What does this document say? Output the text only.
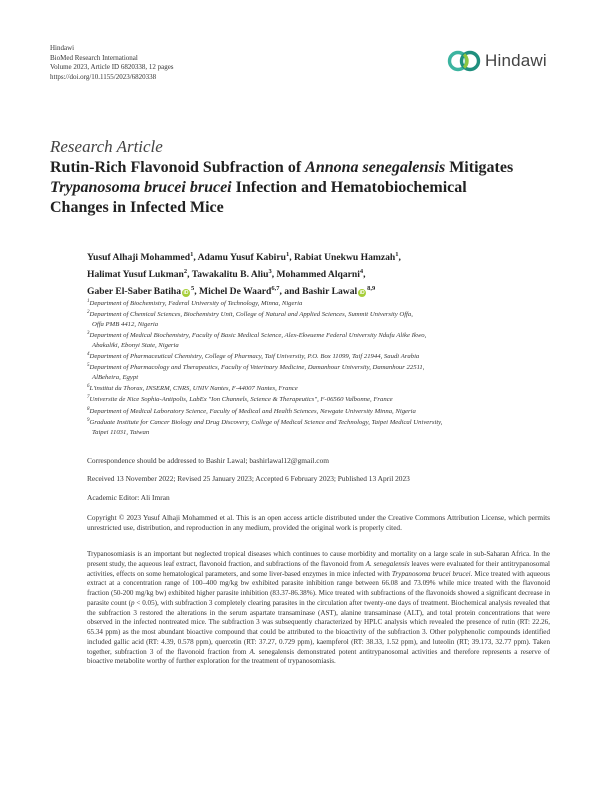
Hindawi
BioMed Research International
Volume 2023, Article ID 6820338, 12 pages
https://doi.org/10.1155/2023/6820338
Hindawi
Research Article
Rutin-Rich Flavonoid Subfraction of Annona senegalensis Mitigates Trypanosoma brucei brucei Infection and Hematobiochemical Changes in Infected Mice
Yusuf Alhaji Mohammed$^1$, Adamu Yusuf Kabiru$^1$, Rabiat Unekwu Hamzah$^1$,
Halimat Yusuf Lukman$^2$, Tawakalitu B. Aliu$^3$, Mohammed Alqarni$^4$,
Gaber El-Saber Batiha $iD^5$, Michel De Waard$^{6,7}$, and Bashir Lawal iD$^{8,9}$
$^1$Department of Biochemistry, Federal University of Technology, Minna, Nigeria
$^2$Department of Chemical Sciences, Biochemistry Unit, College of Natural and Applied Sciences, Summit University Offa,
Offa PMB 4412, Nigeria
$^3$Department of Medical Biochemistry, Faculty of Basic Medical Science, Alex-Ekwueme Federal University Ndufu Alike Ikwo,
Abakaliki, Ebonyi State, Nigeria
$^4$Department of Pharmaceutical Chemistry, College of Pharmacy, Taif University, P.O. Box 11099, Taif 21944, Saudi Arabia
$^5$Department of Pharmacology and Therapeutics, Faculty of Veterinary Medicine, Damanhour University, Damanhour 22511,
AlBeheira, Egypt
$^6$L'institut du Thorax, INSERM, CNRS, UNIV Nantes, F-44007 Nantes, France
$^7$Universite de Nice Sophia-Antipolis, LabEx "Ion Channels, Science & Therapeutics", F-06560 Valbonne, France
$^8$Department of Medical Laboratory Science, Faculty of Medical and Health Sciences, Newgate University Minna, Nigeria
$^9$Graduate Institute for Cancer Biology and Drug Discovery, College of Medical Science and Technology, Taipei Medical University,
Taipei 11031, Taiwan
Correspondence should be addressed to Bashir Lawal; bashirlawal12@gmail.com
Received 13 November 2022; Revised 25 January 2023; Accepted 6 February 2023; Published 13 April 2023
Academic Editor: Ali Imran
Copyright © 2023 Yusuf Alhaji Mohammed et al. This is an open access article distributed under the Creative Commons Attribution License, which permits unrestricted use, distribution, and reproduction in any medium, provided the original work is properly cited.
Trypanosomiasis is an important but neglected tropical diseases which continues to cause morbidity and mortality on a large scale in sub-Saharan Africa. In the present study, the aqueous leaf extract, flavonoid fraction, and subfractions of the flavonoid from A. senegalensis leaves were evaluated for their antitrypanosomal activities, effects on some hematological parameters, and some liver-based enzymes in mice infected with Trypanosoma brucei brucei. Mice treated with aqueous extract at a concentration range of 100–400 mg/kg bw exhibited parasite inhibition range between 66.08 and 73.09% while mice treated with the flavonoid fraction (50-200 mg/kg bw) exhibited higher parasite inhibition (83.37-86.38%). Mice treated with subfractions of the flavonoids showed a significant decrease in parasite count (p < 0.05), with subfraction 3 completely clearing parasites in the circulation after twenty-one days of treatment. Biochemical analysis revealed that the subfraction 3 restored the alterations in the serum aspartate transaminase (AST), alanine transaminase (ALT), and total protein concentrations that were observed in the infected nontreated mice. The subfraction 3 was subsequently characterized by HPLC analysis which revealed the presence of rutin (RT: 22.26, 65.34 ppm) as the most abundant bioactive compound that could be attributed to the bioactivity of the subfraction 3. Other polyphenolic compounds identified included gallic acid (RT: 4.39, 0.578 ppm), quercetin (RT: 37.27, 0.729 ppm), kaempferol (RT: 38.33, 1.52 ppm), and luteolin (RT; 39.173, 32.77 ppm). Taken together, subfraction 3 of the flavonoid fraction from A. senegalensis demonstrated potent antitrypanosomal activities and therefore represents a reserve of bioactive metabolite worthy of further exploration for the treatment of trypanosomiasis.
